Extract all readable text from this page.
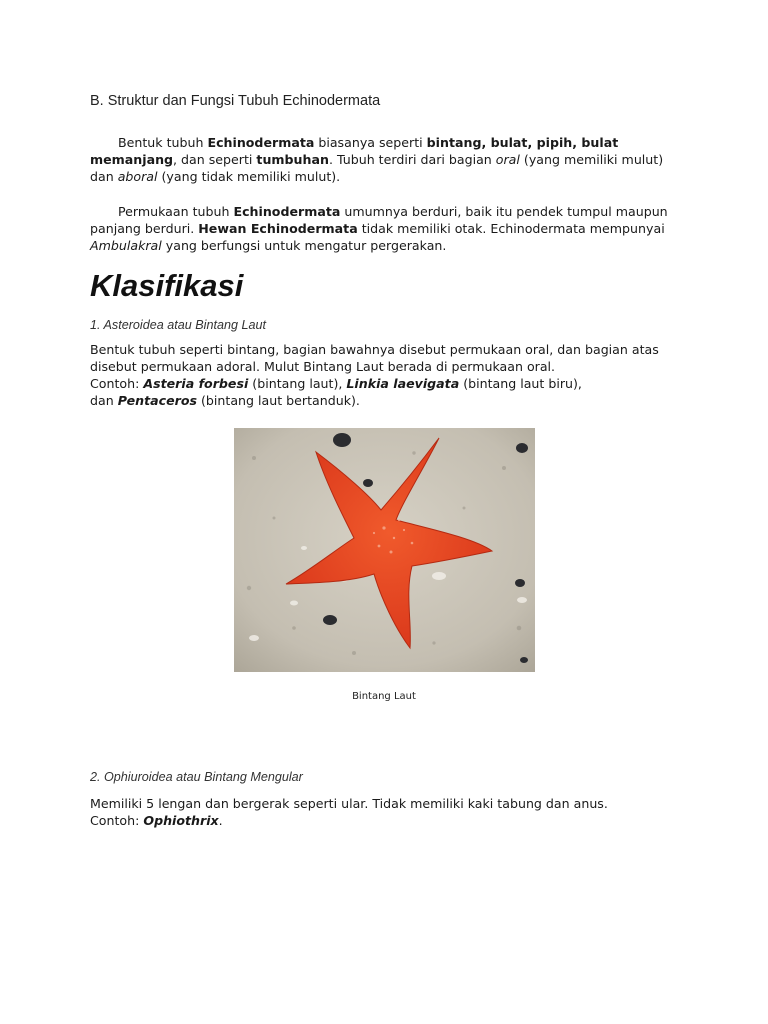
B. Struktur dan Fungsi Tubuh Echinodermata

Bentuk tubuh Echinodermata biasanya seperti bintang, bulat, pipih, bulat memanjang, dan seperti tumbuhan. Tubuh terdiri dari bagian oral (yang memiliki mulut) dan aboral (yang tidak memiliki mulut).

Permukaan tubuh Echinodermata umumnya berduri, baik itu pendek tumpul maupun panjang berduri. Hewan Echinodermata tidak memiliki otak. Echinodermata mempunyai Ambulakral yang berfungsi untuk mengatur pergerakan.

Klasifikasi
1. Asteroidea atau Bintang Laut

Bentuk tubuh seperti bintang, bagian bawahnya disebut permukaan oral, dan bagian atas disebut permukaan adoral. Mulut Bintang Laut berada di permukaan oral.
Contoh: Asteria forbesi (bintang laut), Linkia laevigata (bintang laut biru),
dan Pentaceros (bintang laut bertanduk).

2. Ophiuroidea atau Bintang Mengular

Memiliki 5 lengan dan bergerak seperti ular. Tidak memiliki kaki tabung dan anus.
Contoh: Ophiothrix.

Bintang Laut
